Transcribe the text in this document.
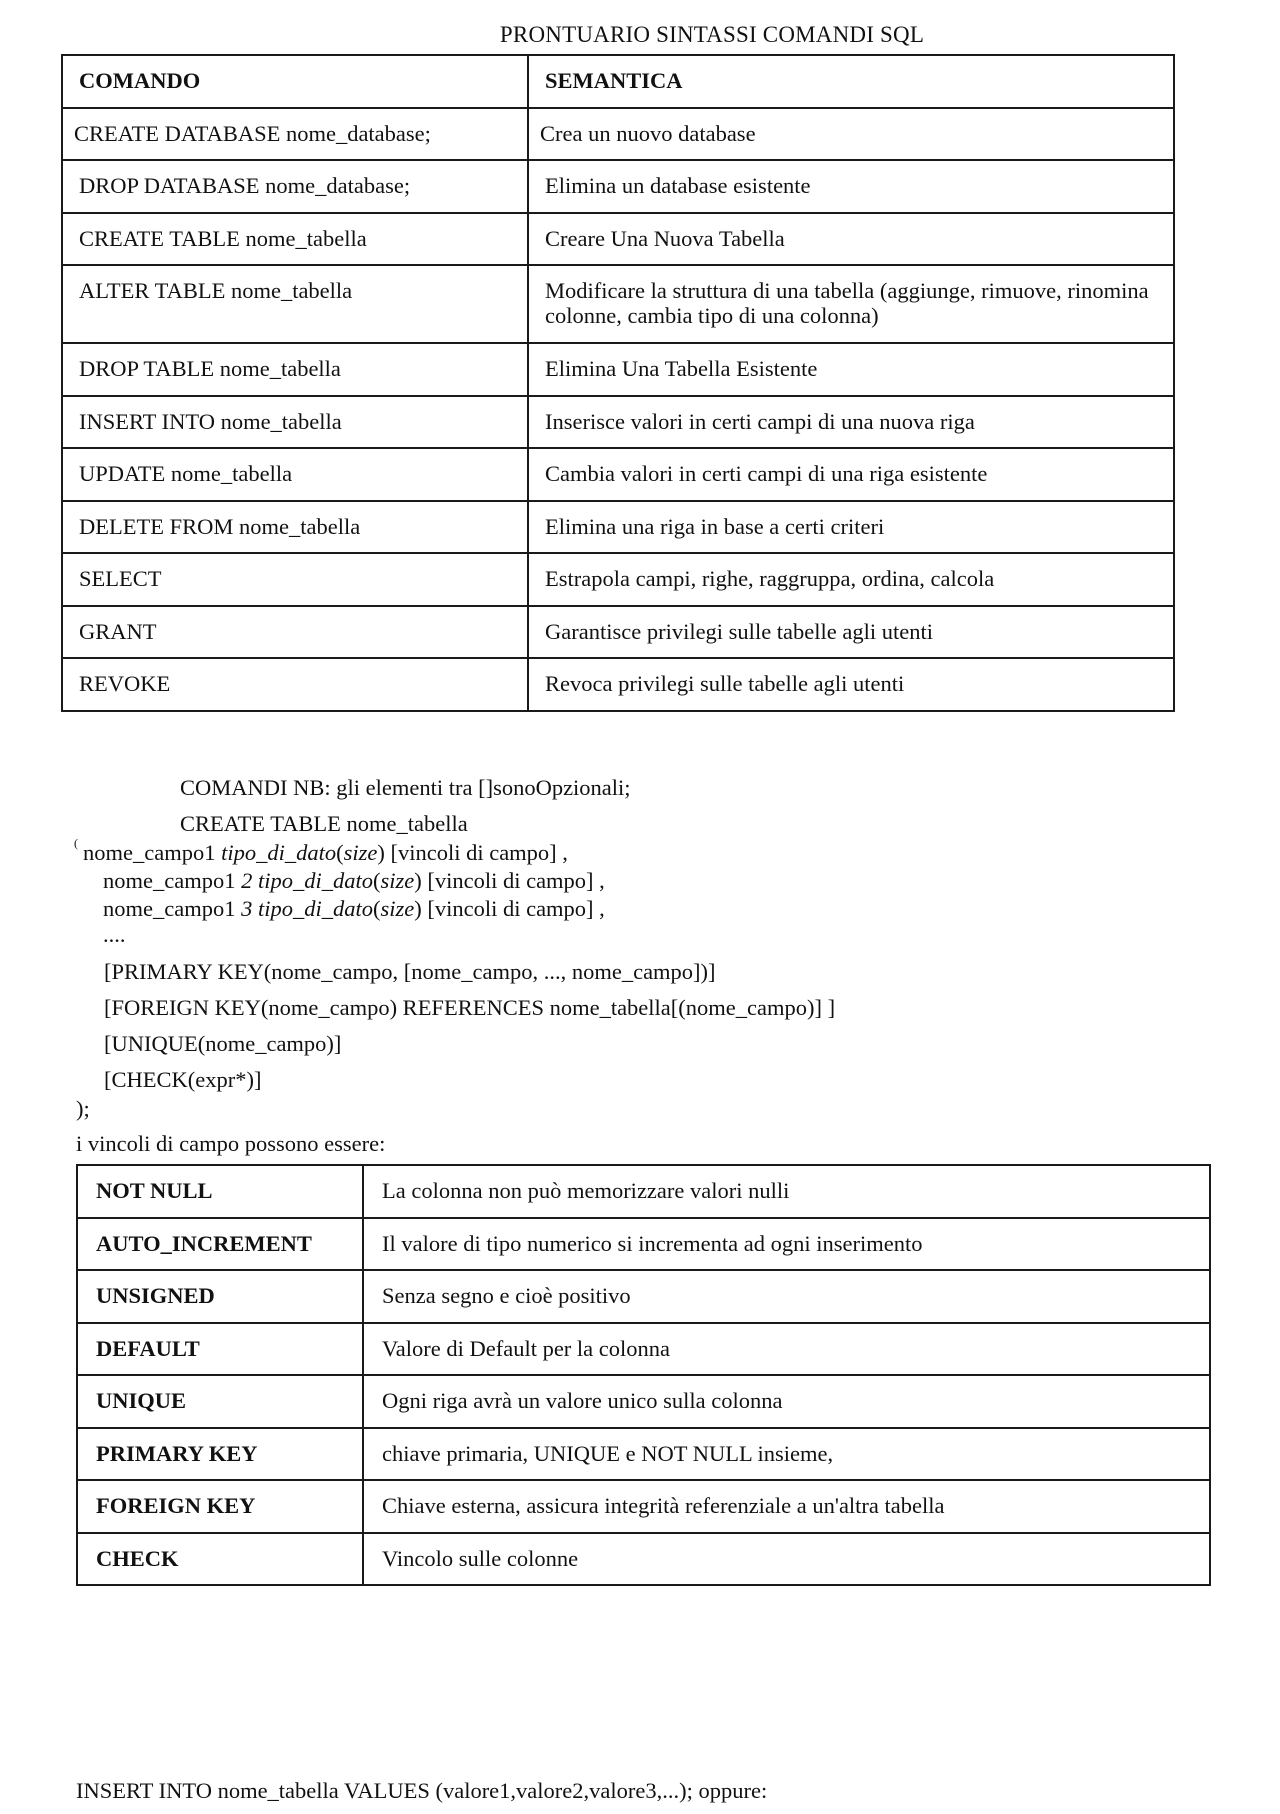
PRONTUARIO SINTASSI COMANDI SQL
COMANDO	SEMANTICA
CREATE DATABASE nome_database;	Crea un nuovo database
DROP DATABASE nome_database;	Elimina un database esistente
CREATE TABLE nome_tabella	Creare Una Nuova Tabella
ALTER TABLE nome_tabella	Modificare la struttura di una tabella (aggiunge, rimuove, rinomina colonne, cambia tipo di una colonna)
DROP TABLE nome_tabella	Elimina Una Tabella Esistente
INSERT INTO nome_tabella	Inserisce valori in certi campi di una nuova riga
UPDATE nome_tabella	Cambia valori in certi campi di una riga esistente
DELETE FROM nome_tabella	Elimina una riga in base a certi criteri
SELECT	Estrapola campi, righe, raggruppa, ordina, calcola
GRANT	Garantisce privilegi sulle tabelle agli utenti
REVOKE	Revoca privilegi sulle tabelle agli utenti
COMANDI NB: gli elementi tra []sonoOpzionali;
CREATE TABLE nome_tabella
( nome_campo1 tipo_di_dato(size) [vincoli di campo] ,
nome_campo1 2 tipo_di_dato(size) [vincoli di campo] ,
nome_campo1 3 tipo_di_dato(size) [vincoli di campo] ,
....
[PRIMARY KEY(nome_campo, [nome_campo, ..., nome_campo])]
[FOREIGN KEY(nome_campo) REFERENCES nome_tabella[(nome_campo)] ]
[UNIQUE(nome_campo)]
[CHECK(expr*)]
);
i vincoli di campo possono essere:
NOT NULL	La colonna non può memorizzare valori nulli
AUTO_INCREMENT	Il valore di tipo numerico si incrementa ad ogni inserimento
UNSIGNED	Senza segno e cioè positivo
DEFAULT	Valore di Default per la colonna
UNIQUE	Ogni riga avrà un valore unico sulla colonna
PRIMARY KEY	chiave primaria, UNIQUE e NOT NULL insieme,
FOREIGN KEY	Chiave esterna, assicura integrità referenziale a un'altra tabella
CHECK	Vincolo sulle colonne
INSERT INTO nome_tabella VALUES (valore1,valore2,valore3,...); oppure:
